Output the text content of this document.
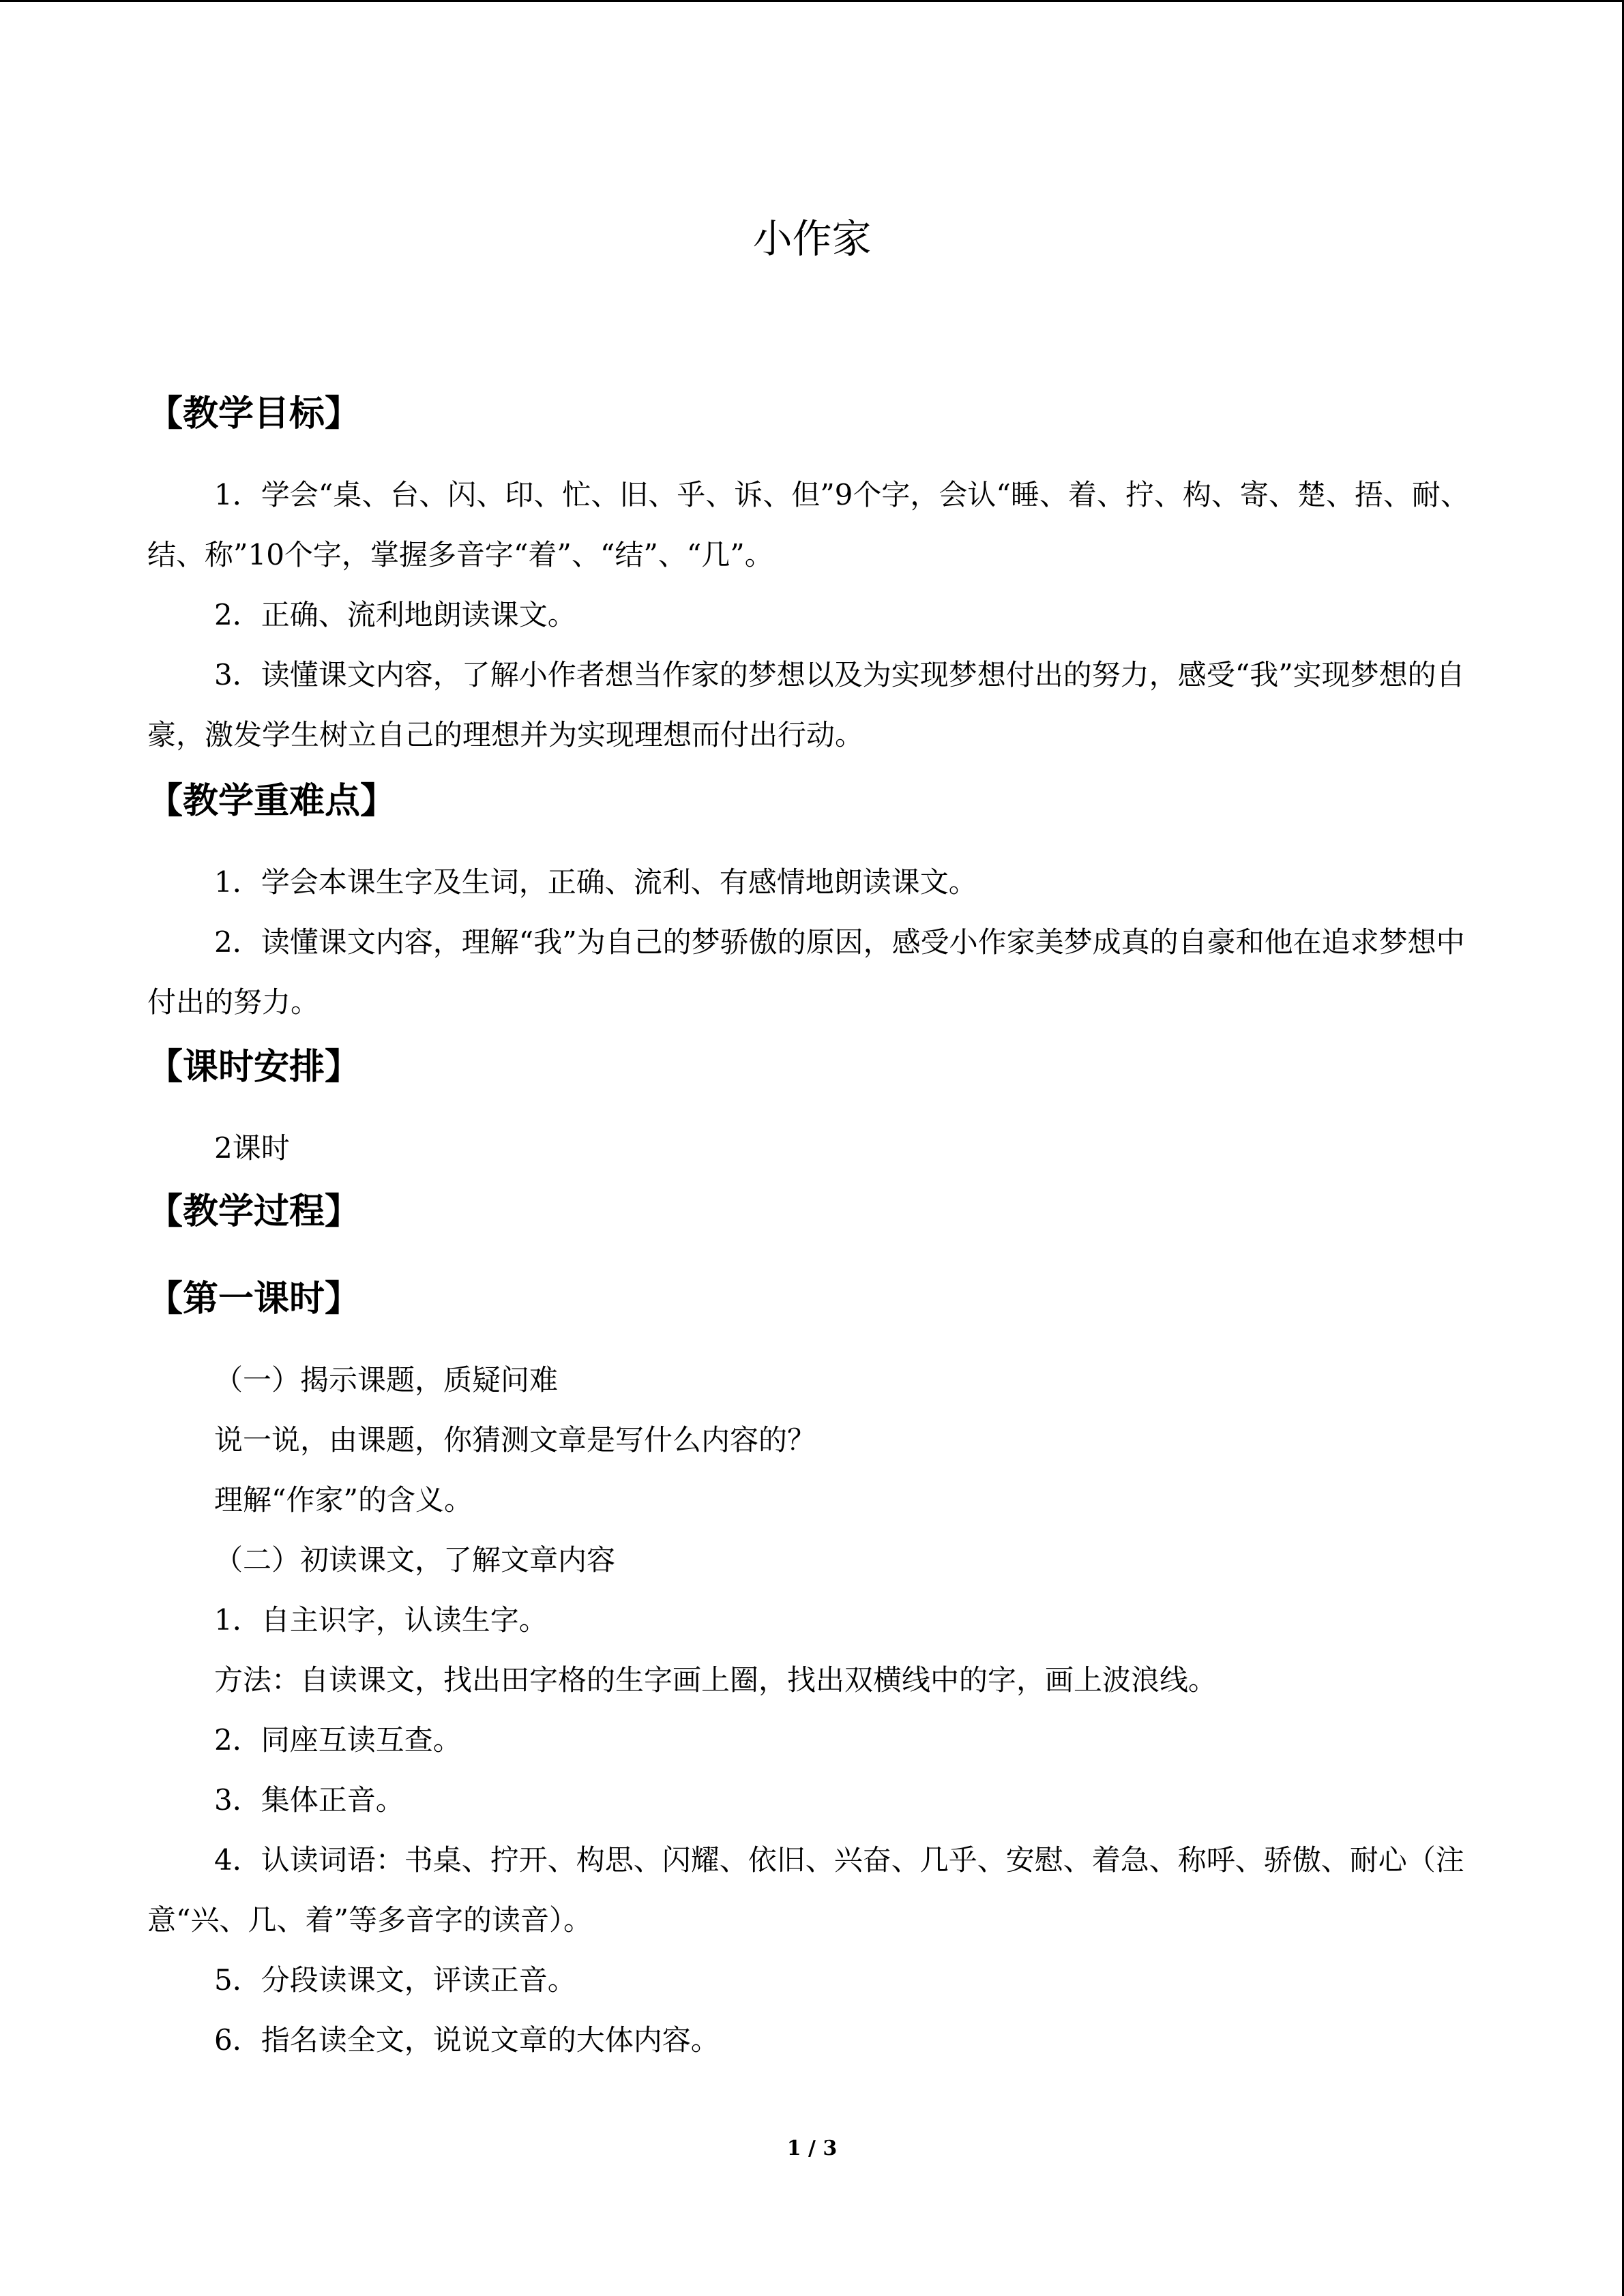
小作家
【教学目标】
1．学会“桌、台、闪、印、忙、旧、乎、诉、但”9个字，会认“睡、着、拧、构、寄、楚、捂、耐、结、称”10个字，掌握多音字“着”、“结”、“几”。
2．正确、流利地朗读课文。
3．读懂课文内容，了解小作者想当作家的梦想以及为实现梦想付出的努力，感受“我”实现梦想的自豪，激发学生树立自己的理想并为实现理想而付出行动。
【教学重难点】
1．学会本课生字及生词，正确、流利、有感情地朗读课文。
2．读懂课文内容，理解“我”为自己的梦骄傲的原因，感受小作家美梦成真的自豪和他在追求梦想中付出的努力。
【课时安排】
2课时
【教学过程】
【第一课时】
（一）揭示课题，质疑问难
说一说，由课题，你猜测文章是写什么内容的？
理解“作家”的含义。
（二）初读课文，了解文章内容
1．自主识字，认读生字。
方法：自读课文，找出田字格的生字画上圈，找出双横线中的字，画上波浪线。
2．同座互读互查。
3．集体正音。
4．认读词语：书桌、拧开、构思、闪耀、依旧、兴奋、几乎、安慰、着急、称呼、骄傲、耐心（注意“兴、几、着”等多音字的读音）。
5．分段读课文，评读正音。
6．指名读全文，说说文章的大体内容。
1 / 3
